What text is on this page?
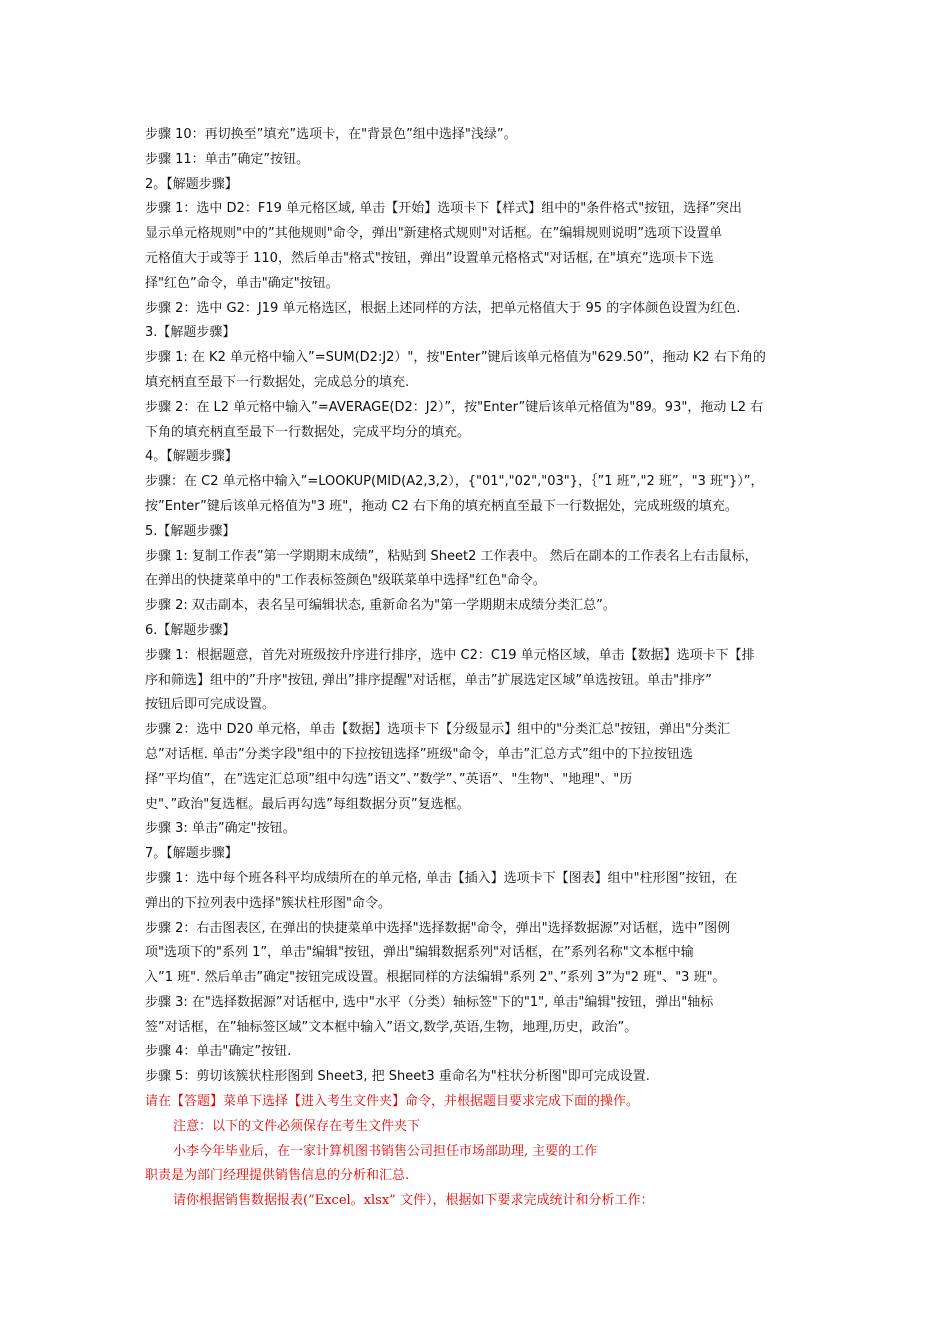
步骤 10：再切换至”填充”选项卡，在"背景色”组中选择"浅绿”。
步骤 11：单击”确定”按钮。
2。【解题步骤】
步骤 1：选中 D2：F19 单元格区域, 单击【开始】选项卡下【样式】组中的"条件格式"按钮，选择”突出
显示单元格规则"中的”其他规则"命令，弹出"新建格式规则"对话框。在”编辑规则说明”选项下设置单
元格值大于或等于 110，然后单击"格式"按钮，弹出”设置单元格格式"对话框, 在"填充”选项卡下选
择"红色”命令，单击"确定"按钮。
步骤 2：选中 G2：J19 单元格选区，根据上述同样的方法，把单元格值大于 95 的字体颜色设置为红色.
3.【解题步骤】
步骤 1: 在 K2 单元格中输入”=SUM(D2:J2）"，按"Enter”键后该单元格值为"629.50”，拖动 K2 右下角的
填充柄直至最下一行数据处，完成总分的填充.
步骤 2：在 L2 单元格中输入”=AVERAGE(D2：J2）”，按"Enter”键后该单元格值为"89。93"，拖动 L2 右
下角的填充柄直至最下一行数据处，完成平均分的填充。
4。【解题步骤】
步骤：在 C2 单元格中输入”=LOOKUP(MID(A2,3,2），{"01","02","03"}，｛”1 班”,"2 班”，"3 班"}）”，
按”Enter”键后该单元格值为"3 班"，拖动 C2 右下角的填充柄直至最下一行数据处，完成班级的填充。
5.【解题步骤】
步骤 1: 复制工作表”第一学期期末成绩”，粘贴到 Sheet2 工作表中。 然后在副本的工作表名上右击鼠标，
在弹出的快捷菜单中的"工作表标签颜色"级联菜单中选择"红色"命令。
步骤 2: 双击副本，表名呈可编辑状态, 重新命名为"第一学期期末成绩分类汇总”。
6.【解题步骤】
步骤 1：根据题意，首先对班级按升序进行排序，选中 C2：C19 单元格区域，单击【数据】选项卡下【排
序和筛选】组中的”升序"按钮, 弹出”排序提醒"对话框，单击”扩展选定区域”单选按钮。单击"排序”
按钮后即可完成设置。
步骤 2：选中 D20 单元格，单击【数据】选项卡下【分级显示】组中的"分类汇总"按钮，弹出"分类汇
总”对话框. 单击”分类字段"组中的下拉按钮选择”班级"命令，单击”汇总方式”组中的下拉按钮选
择”平均值”，在”选定汇总项”组中勾选”语文”、”数学”、”英语”、"生物"、"地理"、"历
史"、”政治"复选框。最后再勾选”每组数据分页”复选框。
步骤 3: 单击”确定"按钮。
7。【解题步骤】
步骤 1：选中每个班各科平均成绩所在的单元格, 单击【插入】选项卡下【图表】组中"柱形图”按钮，在
弹出的下拉列表中选择"簇状柱形图"命令。
步骤 2：右击图表区, 在弹出的快捷菜单中选择"选择数据"命令，弹出"选择数据源”对话框，选中”图例
项"选项下的"系列 1”，单击"编辑"按钮，弹出"编辑数据系列"对话框，在”系列名称"文本框中输
入”1 班". 然后单击”确定"按钮完成设置。根据同样的方法编辑"系列 2"、”系列 3”为"2 班"、"3 班"。
步骤 3: 在"选择数据源”对话框中, 选中"水平（分类）轴标签"下的"1", 单击"编辑"按钮，弹出"轴标
签”对话框，在”轴标签区域”文本框中输入”语文,数学,英语,生物，地理,历史，政治”。
步骤 4：单击"确定”按钮.
步骤 5：剪切该簇状柱形图到 Sheet3, 把 Sheet3 重命名为"柱状分析图"即可完成设置.
请在【答题】菜单下选择【进入考生文件夹】命令，并根据题目要求完成下面的操作。
注意：以下的文件必须保存在考生文件夹下
小李今年毕业后，在一家计算机图书销售公司担任市场部助理, 主要的工作
职责是为部门经理提供销售信息的分析和汇总.
请你根据销售数据报表(”Excel。xlsx” 文件），根据如下要求完成统计和分析工作：
